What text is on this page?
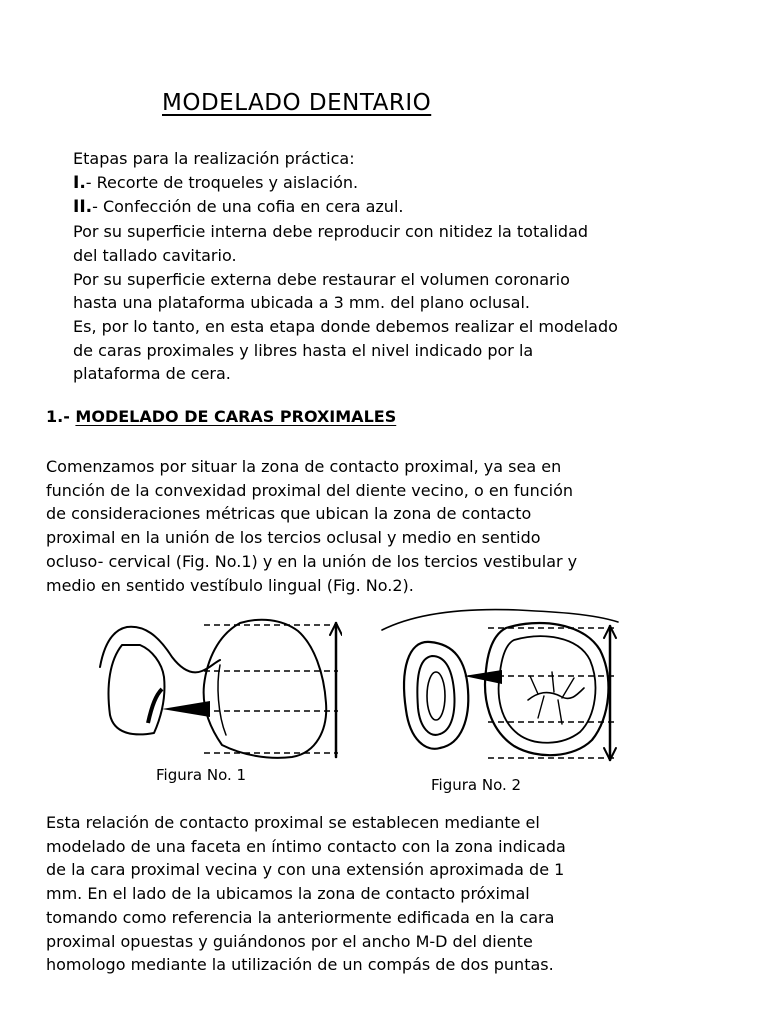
MODELADO DENTARIO
Etapas para la realización práctica:
I.- Recorte de troqueles y aislación.
II.- Confección de una cofia en cera azul.
Por su superficie interna debe reproducir con nitidez la totalidad
del tallado cavitario.
Por su superficie externa debe restaurar el volumen coronario
hasta una plataforma ubicada a 3 mm. del plano oclusal.
Es, por lo tanto, en esta etapa donde debemos realizar el modelado
de caras proximales y libres hasta el nivel indicado por la
plataforma de cera.
1.- MODELADO DE CARAS PROXIMALES
Comenzamos por situar la zona de contacto proximal, ya sea en
función de la convexidad proximal del diente vecino, o en función
de consideraciones métricas que ubican la zona de contacto
proximal en la unión de los tercios oclusal y medio en sentido
ocluso- cervical (Fig. No.1) y en la unión de los tercios vestibular y
medio en sentido vestíbulo lingual (Fig. No.2).
Figura No. 1
Figura No. 2
Esta relación de contacto proximal se establecen mediante el
modelado de una faceta en íntimo contacto con la zona indicada
de la cara proximal vecina y con una extensión aproximada de 1
mm. En el lado de la ubicamos la zona de contacto próximal
tomando como referencia la anteriormente edificada en la cara
proximal opuestas y guiándonos por el ancho M-D del diente
homologo mediante la utilización de un compás de dos puntas.
